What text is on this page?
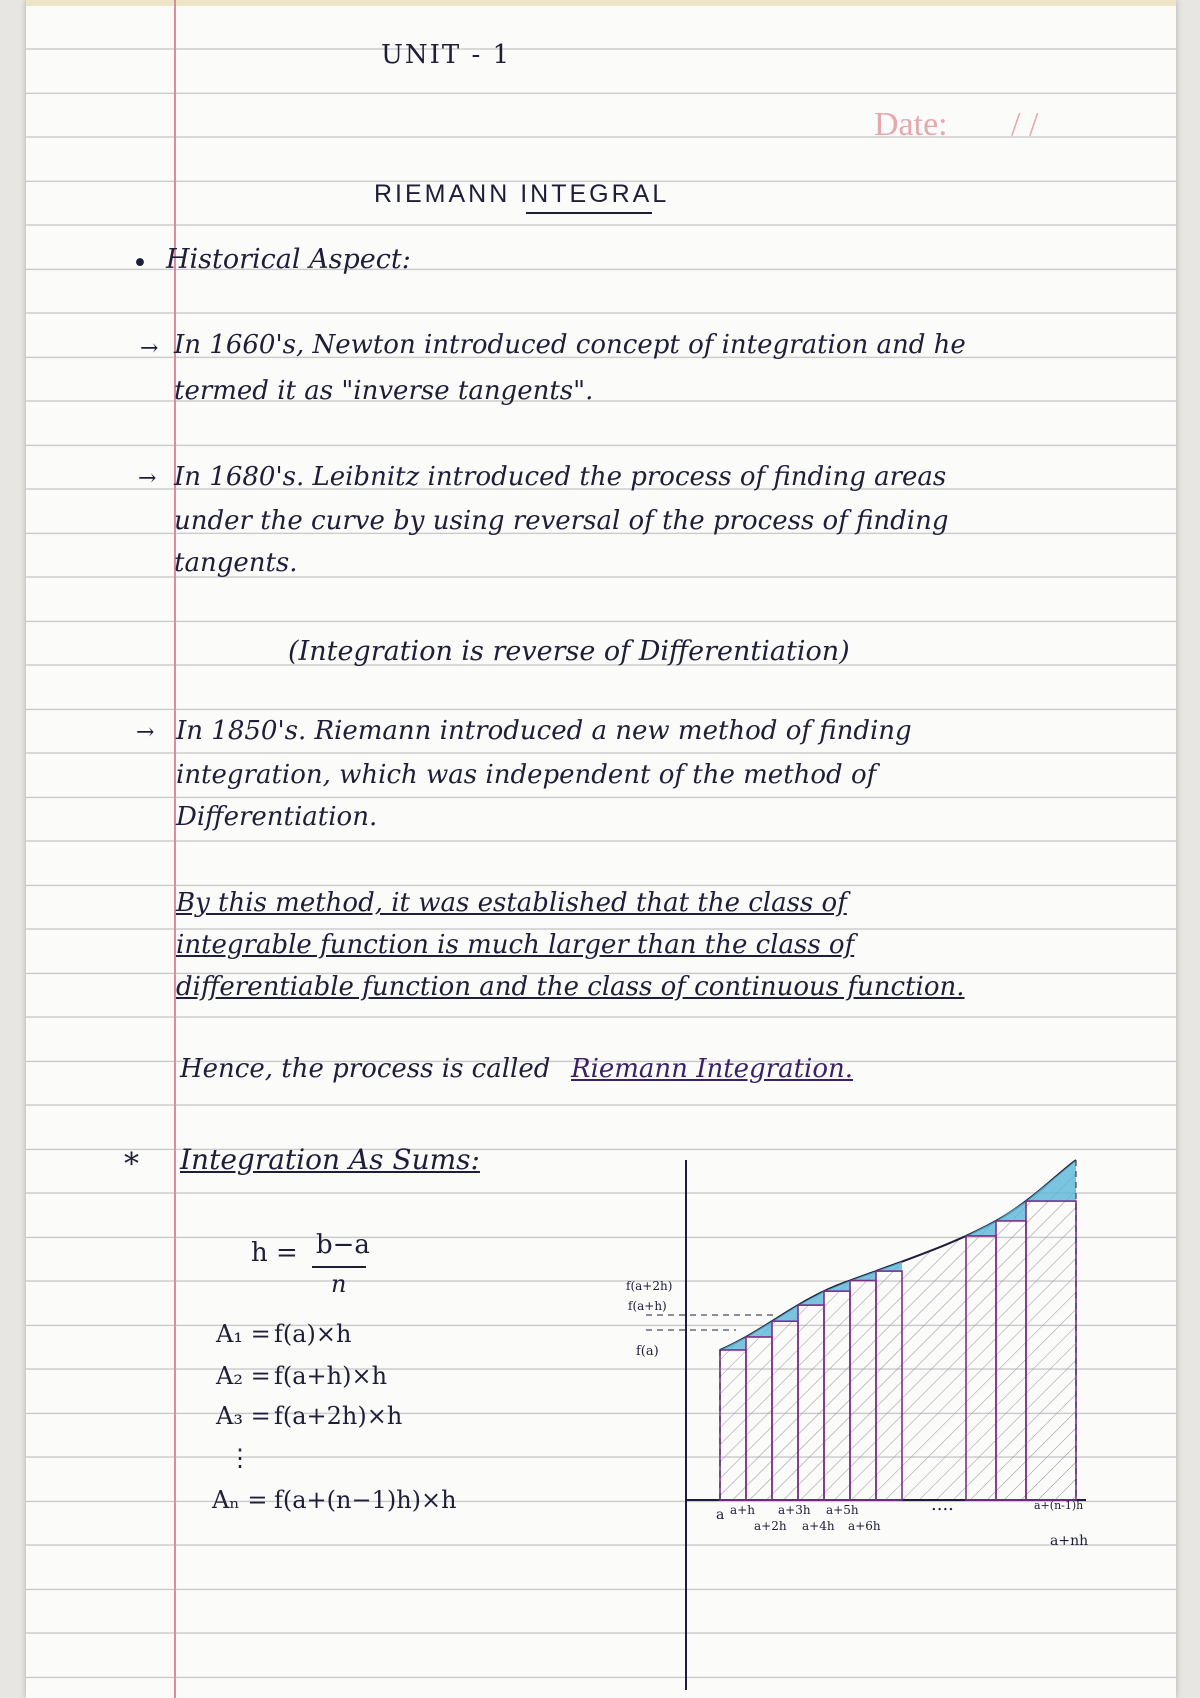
UNIT - 1
Date: / /
RIEMANN INTEGRAL
• Historical Aspect:
→ In 1660's, Newton introduced concept of integration and he
termed it as "inverse tangents".
→ In 1680's. Leibnitz introduced the process of finding areas
under the curve by using reversal of the process of finding
tangents.
(Integration is reverse of Differentiation)
→ In 1850's. Riemann introduced a new method of finding
integration, which was independent of the method of
Differentiation.
By this method, it was established that the class of
integrable function is much larger than the class of
differentiable function and the class of continuous function.
Hence, the process is called Riemann Integration.
* Integration As Sums:
h = b−a
n
A₁ = f(a)×h
A₂ = f(a+h)×h
A₃ = f(a+2h)×h
⋮
Aₙ = f(a+(n−1)h)×h
f(a+2h)
f(a+h)
f(a)
a a+h a+3h a+5h	a+(n-1)h
a+2h a+4h a+6h
a+nh
....
